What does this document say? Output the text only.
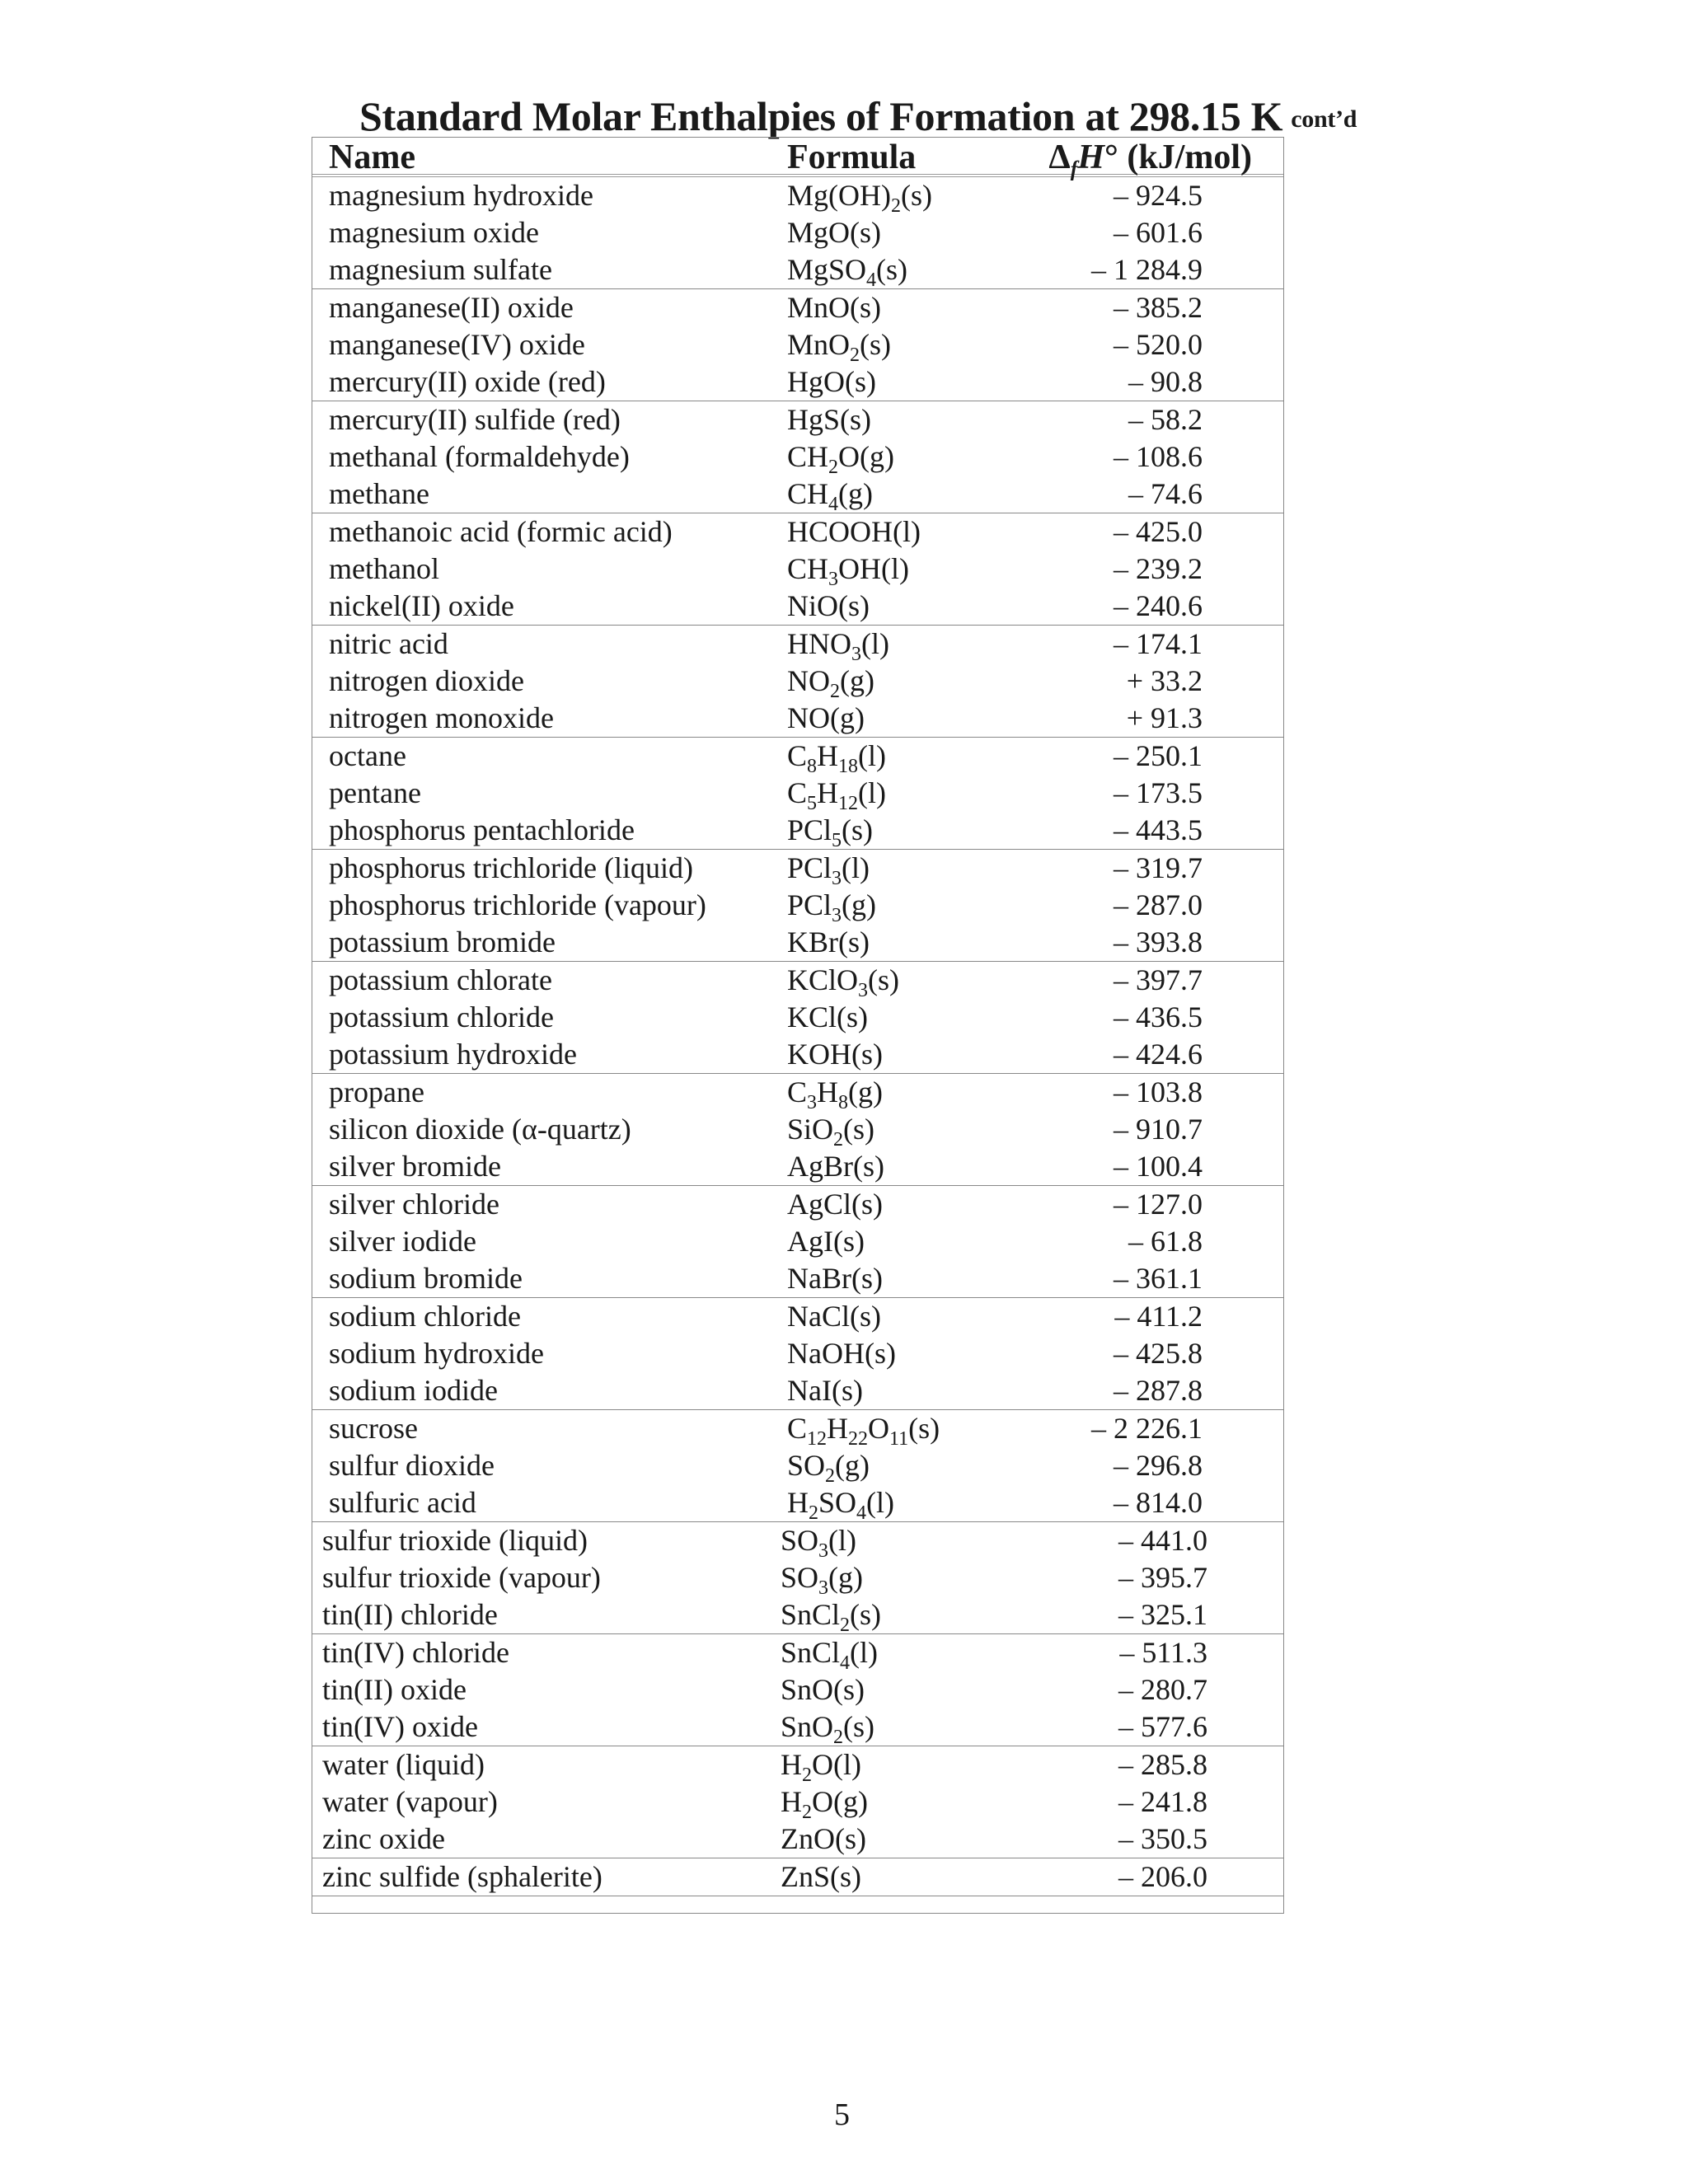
Standard Molar Enthalpies of Formation at 298.15 K cont’d
Name	Formula	$\Delta_fH^\circ$ (kJ/mol)
magnesium hydroxide	$Mg(OH)_2(s)$	– 924.5
magnesium oxide	MgO(s)	– 601.6
magnesium sulfate	MgSO$_4$(s)	– 1 284.9
manganese(II) oxide	MnO(s)	– 385.2
manganese(IV) oxide	MnO$_2$(s)	– 520.0
mercury(II) oxide (red)	HgO(s)	– 90.8
mercury(II) sulfide (red)	HgS(s)	– 58.2
methanal (formaldehyde)	$CH_2O(g)$	– 108.6
methane	$CH_4(g)$	– 74.6
methanoic acid (formic acid)	HCOOH(l)	– 425.0
methanol	$CH_3OH(l)$	– 239.2
nickel(II) oxide	NiO(s)	– 240.6
nitric acid	$HNO_3(l)$	– 174.1
nitrogen dioxide	$NO_2(g)$	+ 33.2
nitrogen monoxide	NO(g)	+ 91.3
octane	$C_8H_{18}(l)$	– 250.1
pentane	$C_5H_{12}(l)$	– 173.5
phosphorus pentachloride	PCl$_5$(s)	– 443.5
phosphorus trichloride (liquid)	PCl$_3$(l)	– 319.7
phosphorus trichloride (vapour)	PCl$_3$(g)	– 287.0
potassium bromide	KBr(s)	– 393.8
potassium chlorate	KClO$_3$(s)	– 397.7
potassium chloride	KCl(s)	– 436.5
potassium hydroxide	KOH(s)	– 424.6
propane	$C_3H_8(g)$	– 103.8
silicon dioxide (α-quartz)	SiO$_2$(s)	– 910.7
silver bromide	AgBr(s)	– 100.4
silver chloride	AgCl(s)	– 127.0
silver iodide	AgI(s)	– 61.8
sodium bromide	NaBr(s)	– 361.1
sodium chloride	NaCl(s)	– 411.2
sodium hydroxide	NaOH(s)	– 425.8
sodium iodide	NaI(s)	– 287.8
sucrose	$C_{12}H_{22}O_{11}(s)$	– 2 226.1
sulfur dioxide	$SO_2(g)$	– 296.8
sulfuric acid	$H_2SO_4(l)$	– 814.0
sulfur trioxide (liquid)	$SO_3(l)$	– 441.0
sulfur trioxide (vapour)	$SO_3(g)$	– 395.7
tin(II) chloride	SnCl$_2$(s)	– 325.1
tin(IV) chloride	SnCl$_4$(l)	– 511.3
tin(II) oxide	SnO(s)	– 280.7
tin(IV) oxide	SnO$_2$(s)	– 577.6
water (liquid)	$H_2O(l)$	– 285.8
water (vapour)	$H_2O(g)$	– 241.8
zinc oxide	ZnO(s)	– 350.5
zinc sulfide (sphalerite)	ZnS(s)	– 206.0
5
